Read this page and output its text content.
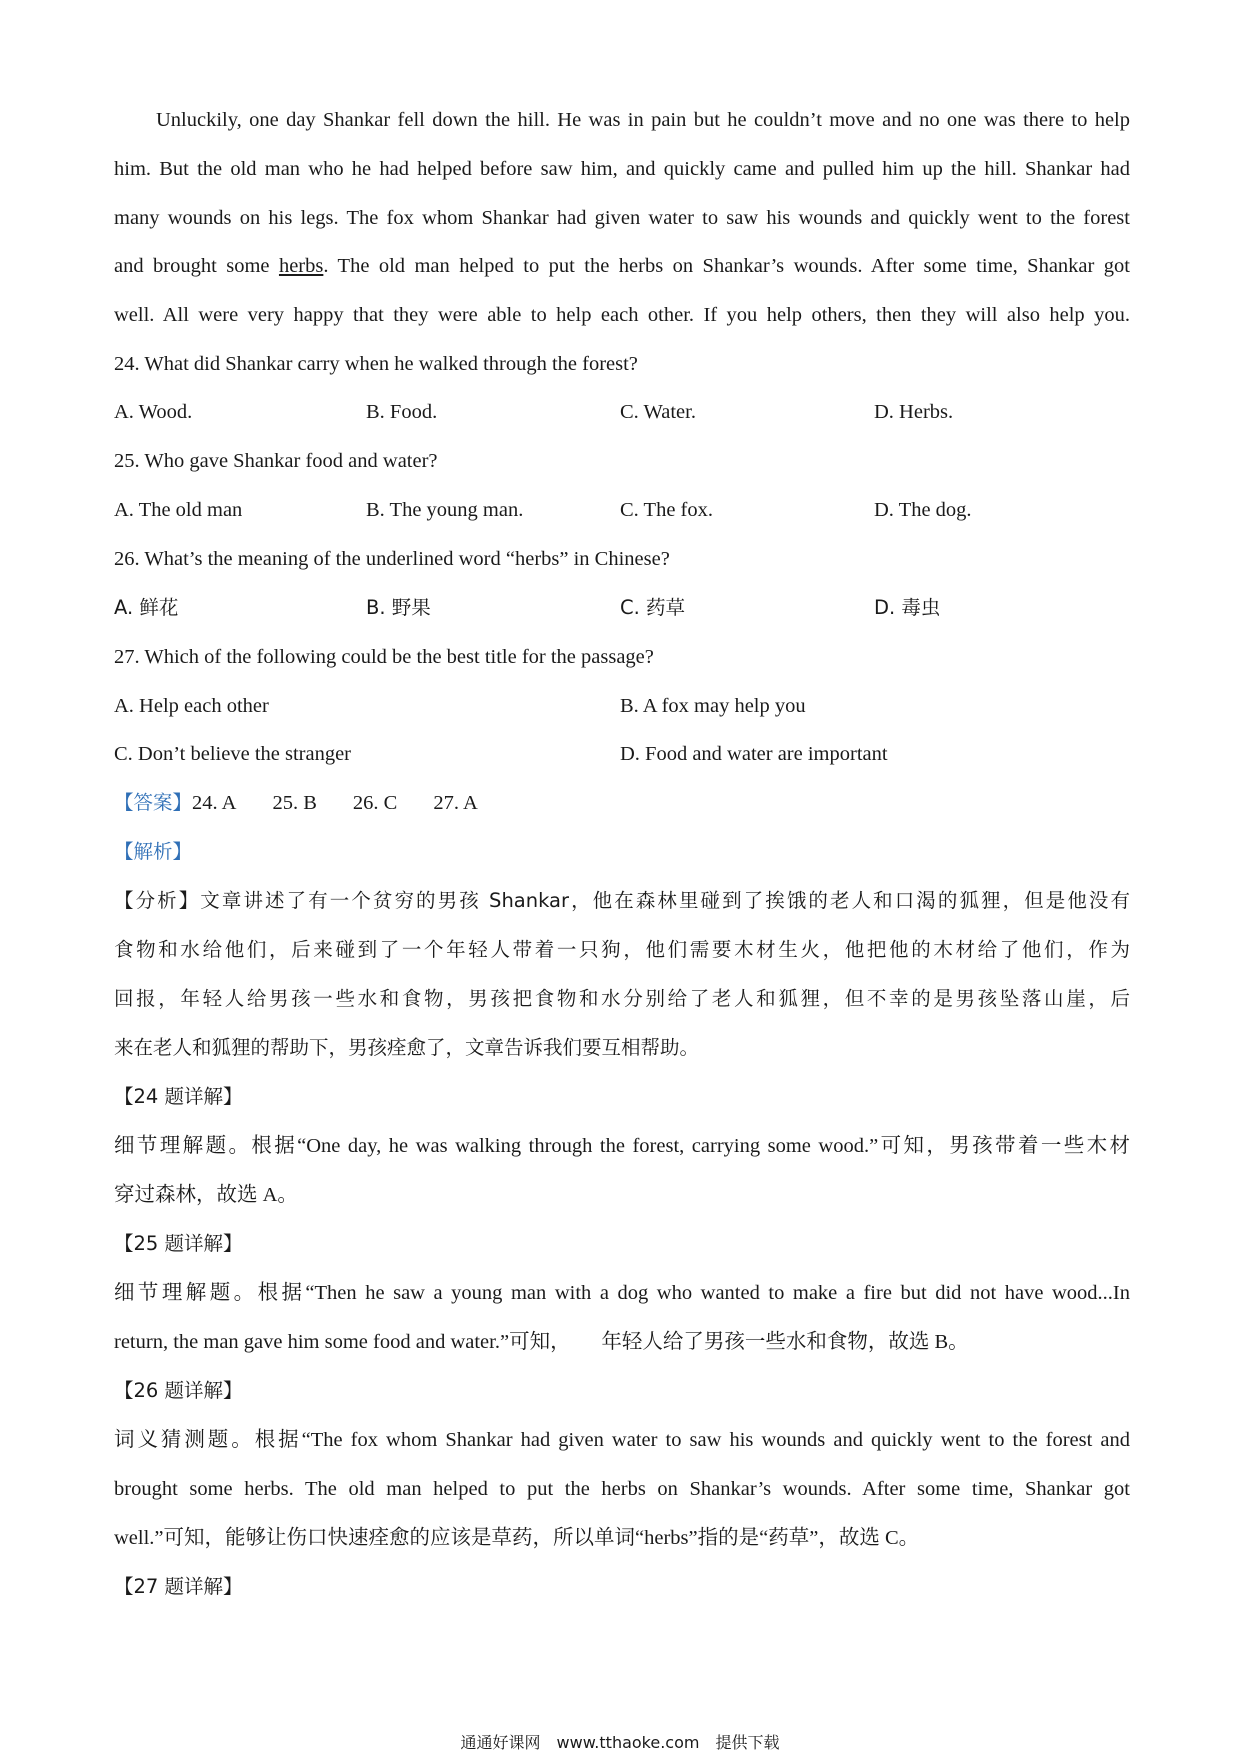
Unluckily, one day Shankar fell down the hill. He was in pain but he couldn’t move and no one was there to help
him. But the old man who he had helped before saw him, and quickly came and pulled him up the hill. Shankar had
many wounds on his legs. The fox whom Shankar had given water to saw his wounds and quickly went to the forest
and brought some herbs. The old man helped to put the herbs on Shankar’s wounds. After some time, Shankar got
well. All were very happy that they were able to help each other. If you help others, then they will also help you.
24. What did Shankar carry when he walked through the forest?
A. Wood.	B. Food.	C. Water.	D. Herbs.
25. Who gave Shankar food and water?
A. The old man	B. The young man.	C. The fox.	D. The dog.
26. What’s the meaning of the underlined word “herbs” in Chinese?
A. 鲜花	B. 野果	C. 药草	D. 毒虫
27. Which of the following could be the best title for the passage?
A. Help each other	B. A fox may help you
C. Don’t believe the stranger	D. Food and water are important
【答案】24. A 25. B 26. C 27. A
【解析】
【分析】文章讲述了有一个贫穷的男孩 Shankar，他在森林里碰到了挨饿的老人和口渴的狐狸，但是他没有
食物和水给他们，后来碰到了一个年轻人带着一只狗，他们需要木材生火，他把他的木材给了他们，作为
回报，年轻人给男孩一些水和食物，男孩把食物和水分别给了老人和狐狸，但不幸的是男孩坠落山崖，后
来在老人和狐狸的帮助下，男孩痊愈了，文章告诉我们要互相帮助。
【24 题详解】
细节理解题。根据“One day, he was walking through the forest, carrying some wood.”可知，男孩带着一些木材
穿过森林，故选 A。
【25 题详解】
细节理解题。根据“Then he saw a young man with a dog who wanted to make a fire but did not have wood...In
return, the man gave him some food and water.”可知，　　年轻人给了男孩一些水和食物，故选 B。
【26 题详解】
词义猜测题。根据“The fox whom Shankar had given water to saw his wounds and quickly went to the forest and
brought some herbs. The old man helped to put the herbs on Shankar’s wounds. After some time, Shankar got
well.”可知，能够让伤口快速痊愈的应该是草药，所以单词“herbs”指的是“药草”，故选 C。
【27 题详解】
通通好课网　www.tthaoke.com　提供下载
